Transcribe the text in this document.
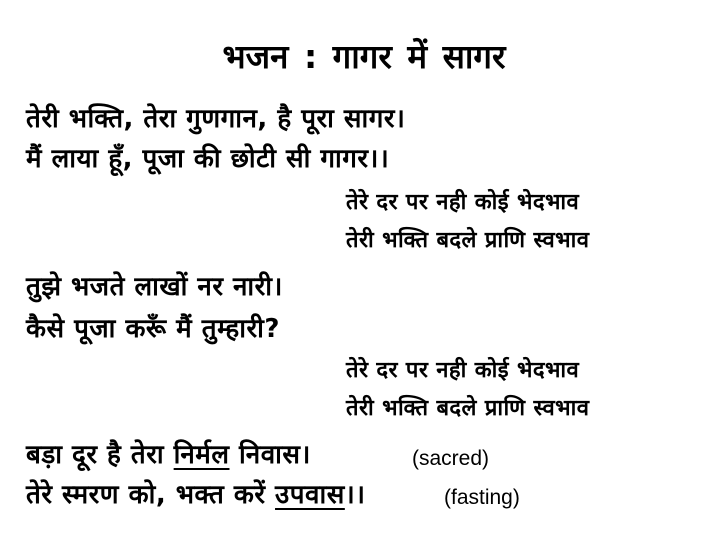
भजन : गागर में सागर
तेरी भक्ति, तेरा गुणगान, है पूरा सागर।
मैं लाया हूँ, पूजा की छोटी सी गागर।।
तेरे दर पर नही कोई भेदभाव
तेरी भक्ति बदले प्राणि स्वभाव
तुझे भजते लाखों नर नारी।
कैसे पूजा करूँ मैं तुम्हारी?
तेरे दर पर नही कोई भेदभाव
तेरी भक्ति बदले प्राणि स्वभाव
बड़ा दूर है तेरा निर्मल निवास।	(sacred)
तेरे स्मरण को, भक्त करें उपवास।।	(fasting)
